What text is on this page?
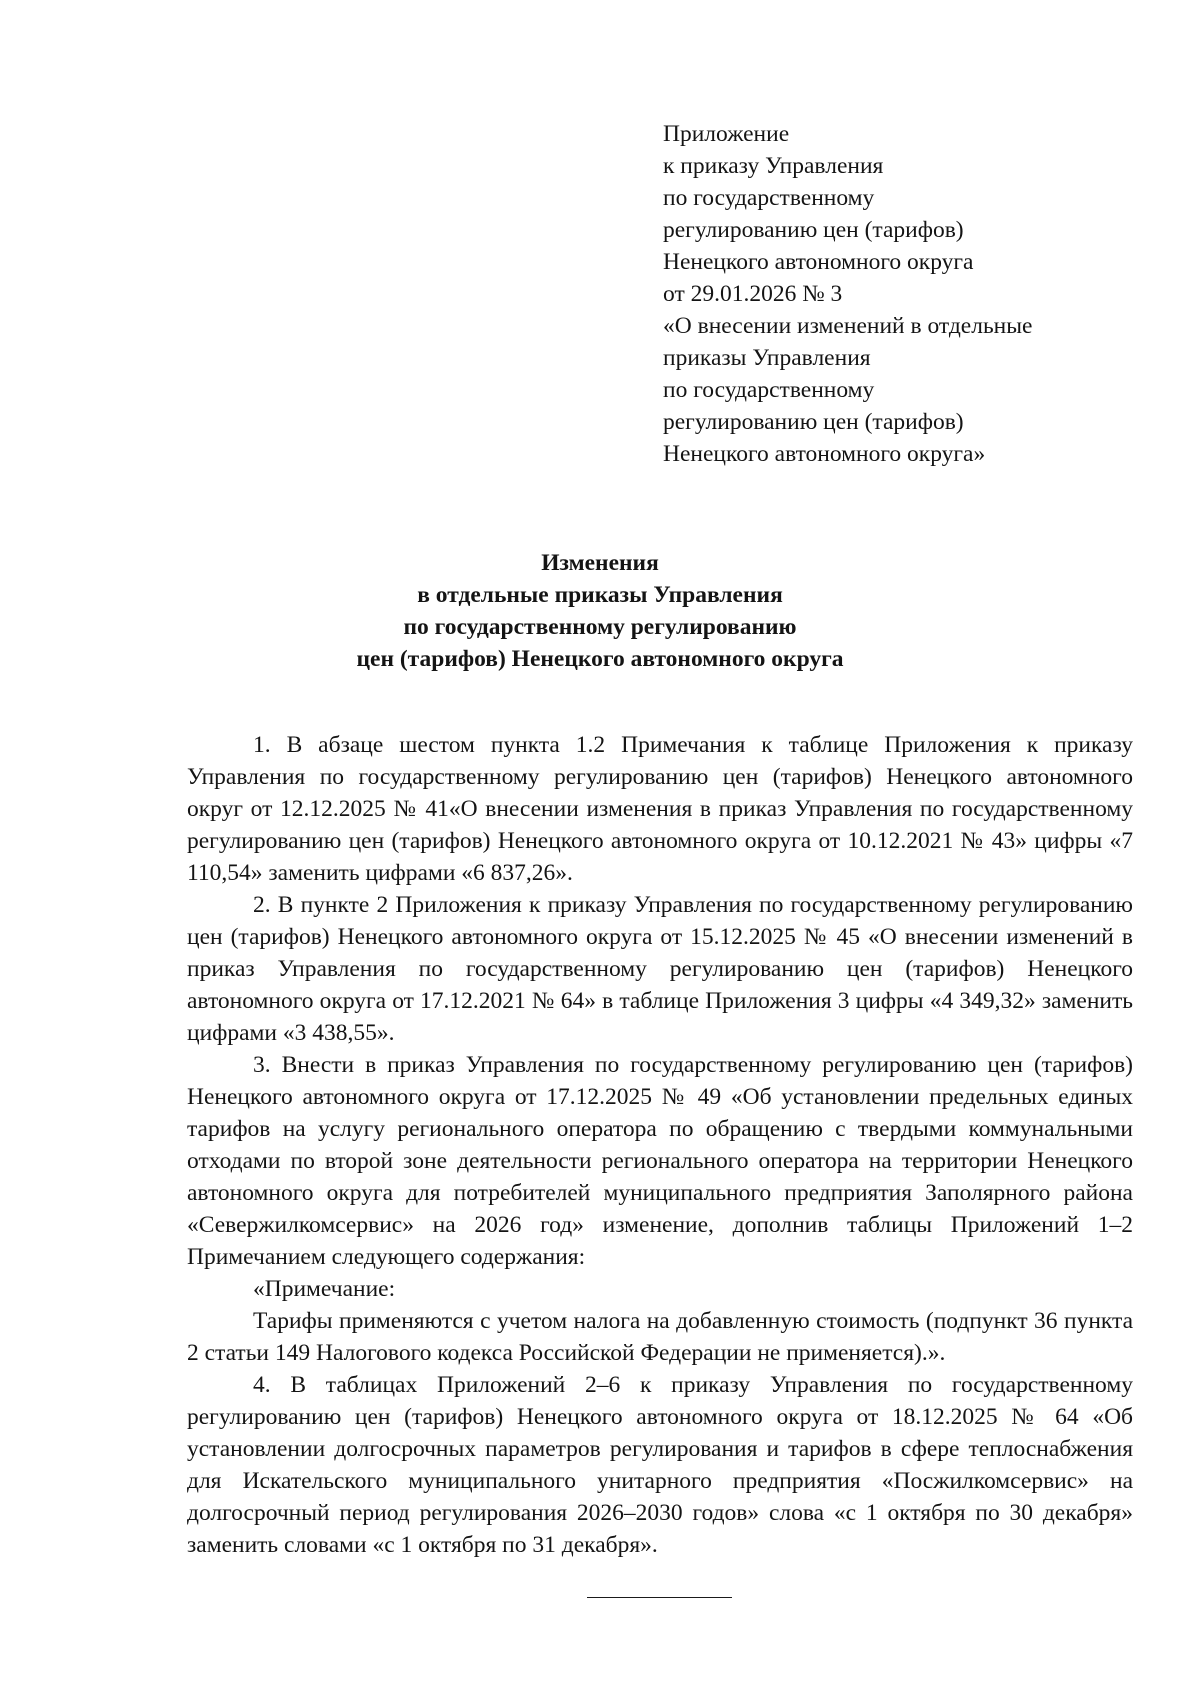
Приложение
к приказу Управления
по государственному
регулированию цен (тарифов)
Ненецкого автономного округа
от 29.01.2026 № 3
«О внесении изменений в отдельные
приказы Управления
по государственному
регулированию цен (тарифов)
Ненецкого автономного округа»
Изменения
в отдельные приказы Управления
по государственному регулированию
цен (тарифов) Ненецкого автономного округа

1. В абзаце шестом пункта 1.2 Примечания к таблице Приложения к приказу Управления по государственному регулированию цен (тарифов) Ненецкого автономного округ от 12.12.2025 № 41«О внесении изменения в приказ Управления по государственному регулированию цен (тарифов) Ненецкого автономного округа от 10.12.2021 № 43» цифры «7 110,54» заменить цифрами «6 837,26».

2. В пункте 2 Приложения к приказу Управления по государственному регулированию цен (тарифов) Ненецкого автономного округа от 15.12.2025 № 45 «О внесении изменений в приказ Управления по государственному регулированию цен (тарифов) Ненецкого автономного округа от 17.12.2021 № 64» в таблице Приложения 3 цифры «4 349,32» заменить цифрами «3 438,55».

3. Внести в приказ Управления по государственному регулированию цен (тарифов) Ненецкого автономного округа от 17.12.2025 № 49 «Об установлении предельных единых тарифов на услугу регионального оператора по обращению с твердыми коммунальными отходами по второй зоне деятельности регионального оператора на территории Ненецкого автономного округа для потребителей муниципального предприятия Заполярного района «Севержилкомсервис» на 2026 год» изменение, дополнив таблицы Приложений 1–2 Примечанием следующего содержания:

«Примечание:

Тарифы применяются с учетом налога на добавленную стоимость (подпункт 36 пункта 2 статьи 149 Налогового кодекса Российской Федерации не применяется).».

4. В таблицах Приложений 2–6 к приказу Управления по государственному регулированию цен (тарифов) Ненецкого автономного округа от 18.12.2025 № 64 «Об установлении долгосрочных параметров регулирования и тарифов в сфере теплоснабжения для Искательского муниципального унитарного предприятия «Посжилкомсервис» на долгосрочный период регулирования 2026–2030 годов» слова «с 1 октября по 30 декабря» заменить словами «с 1 октября по 31 декабря».
